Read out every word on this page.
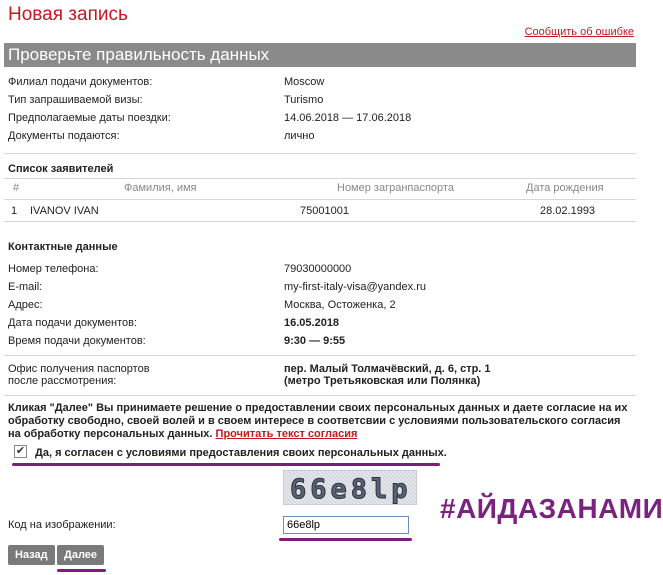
Новая запись
Сообщить об ошибке
Проверьте правильность данных
Филиал подачи документов:	Moscow
Тип запрашиваемой визы:	Turismo
Предполагаемые даты поездки:	14.06.2018 — 17.06.2018
Документы подаются:	лично
Список заявителей
#	Фамилия, имя	Номер загранпаспорта	Дата рождения
1 IVANOV IVAN	75001001	28.02.1993
Контактные данные
Номер телефона:	79030000000
E-mail:	my-first-italy-visa@yandex.ru
Адрес:	Москва, Остоженка, 2
Дата подачи документов:	16.05.2018
Время подачи документов:	9:30 — 9:55
Офис получения паспортов
после рассмотрения:
пер. Малый Толмачёвский, д. 6, стр. 1
(метро Третьяковская или Полянка)
Кликая "Далее" Вы принимаете решение о предоставлении своих персональных данных и даете согласие на их обработку свободно, своей волей и в своем интересе в соответсвии с условиями пользовательского согласия на обработку персональных данных. Прочитать текст согласия
✔ Да, я согласен с условиями предоставления своих персональных данных.
66e8lp
#АЙДАЗАНАМИ
Код на изображении:
66e8lp
Назад	Далее
